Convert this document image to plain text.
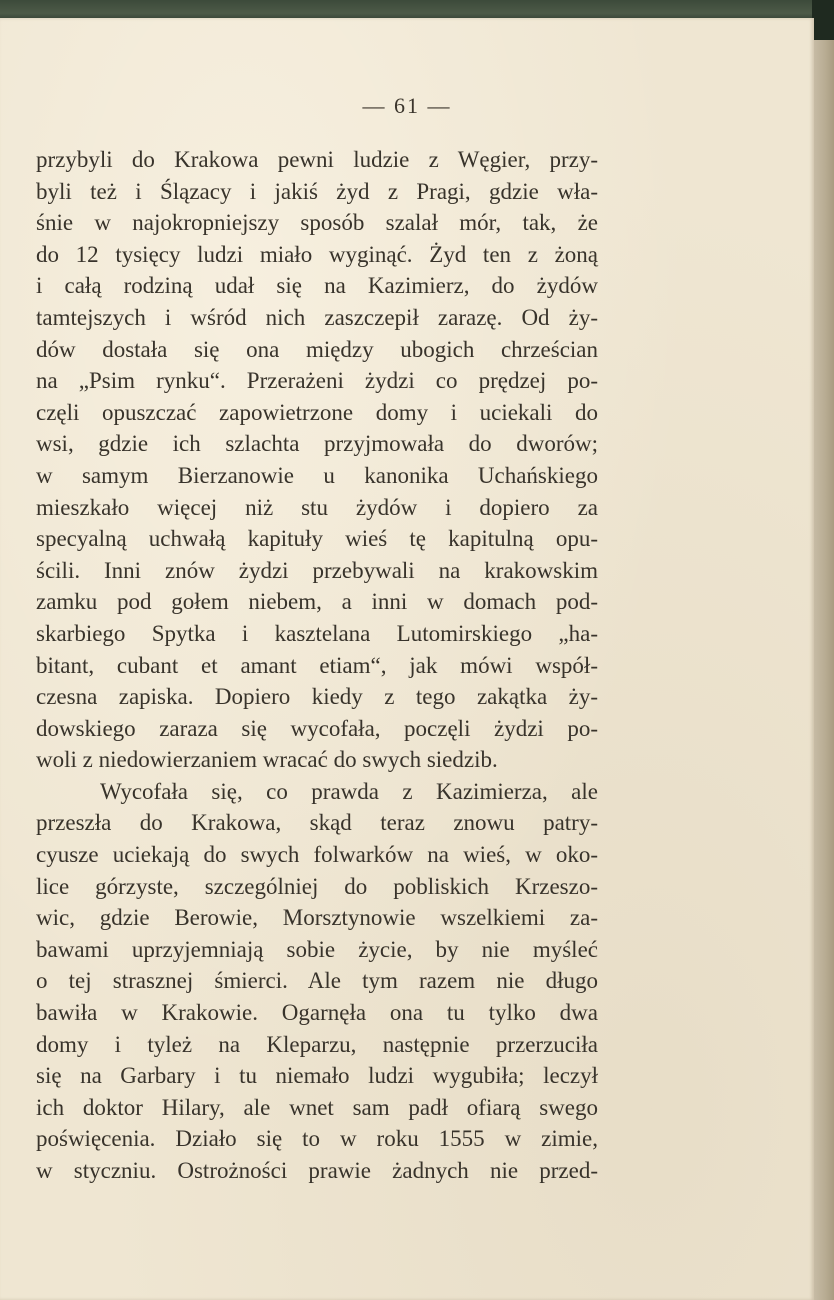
— 61 —
przybyli do Krakowa pewni ludzie z Węgier, przy-
byli też i Ślązacy i jakiś żyd z Pragi, gdzie wła-
śnie w najokropniejszy sposób szalał mór, tak, że
do 12 tysięcy ludzi miało wyginąć. Żyd ten z żoną
i całą rodziną udał się na Kazimierz, do żydów
tamtejszych i wśród nich zaszczepił zarazę. Od ży-
dów dostała się ona między ubogich chrześcian
na „Psim rynku“. Przerażeni żydzi co prędzej po-
częli opuszczać zapowietrzone domy i uciekali do
wsi, gdzie ich szlachta przyjmowała do dworów;
w samym Bierzanowie u kanonika Uchańskiego
mieszkało więcej niż stu żydów i dopiero za
specyalną uchwałą kapituły wieś tę kapitulną opu-
ścili. Inni znów żydzi przebywali na krakowskim
zamku pod gołem niebem, a inni w domach pod-
skarbiego Spytka i kasztelana Lutomirskiego „ha-
bitant, cubant et amant etiam“, jak mówi współ-
czesna zapiska. Dopiero kiedy z tego zakątka ży-
dowskiego zaraza się wycofała, poczęli żydzi po-
woli z niedowierzaniem wracać do swych siedzib.
Wycofała się, co prawda z Kazimierza, ale
przeszła do Krakowa, skąd teraz znowu patry-
cyusze uciekają do swych folwarków na wieś, w oko-
lice górzyste, szczególniej do pobliskich Krzeszo-
wic, gdzie Berowie, Morsztynowie wszelkiemi za-
bawami uprzyjemniają sobie życie, by nie myśleć
o tej strasznej śmierci. Ale tym razem nie długo
bawiła w Krakowie. Ogarnęła ona tu tylko dwa
domy i tyleż na Kleparzu, następnie przerzuciła
się na Garbary i tu niemało ludzi wygubiła; leczył
ich doktor Hilary, ale wnet sam padł ofiarą swego
poświęcenia. Działo się to w roku 1555 w zimie,
w styczniu. Ostrożności prawie żadnych nie przed-
